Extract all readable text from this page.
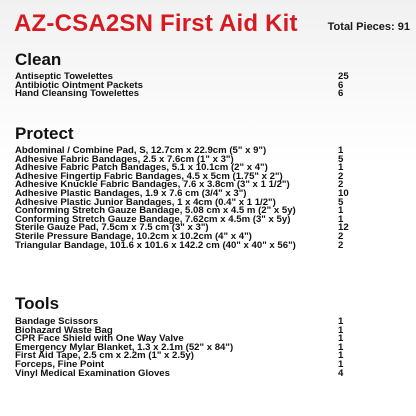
AZ-CSA2SN First Aid Kit	Total Pieces: 91
Clean
Antiseptic Towelettes	25
Antibiotic Ointment Packets	6
Hand Cleansing Towelettes	6
Protect
Abdominal / Combine Pad, S, 12.7cm x 22.9cm (5" x 9")	1
Adhesive Fabric Bandages, 2.5 x 7.6cm (1" x 3")	5
Adhesive Fabric Patch Bandages, 5.1 x 10.1cm (2" x 4")	1
Adhesive Fingertip Fabric Bandages, 4.5 x 5cm (1.75" x 2")	2
Adhesive Knuckle Fabric Bandages, 7.6 x 3.8cm (3" x 1 1/2")	2
Adhesive Plastic Bandages, 1.9 x 7.6 cm (3/4" x 3")	10
Adhesive Plastic Junior Bandages, 1 x 4cm (0.4" x 1 1/2")	5
Conforming Stretch Gauze Bandage, 5.08 cm x 4.5 m (2" x 5y)	1
Conforming Stretch Gauze Bandage, 7.62cm x 4.5m (3" x 5y)	1
Sterile Gauze Pad, 7.5cm x 7.5 cm (3" x 3")	12
Sterile Pressure Bandage, 10.2cm x 10.2cm (4" x 4")	2
Triangular Bandage, 101.6 x 101.6 x 142.2 cm (40" x 40" x 56")	2
Tools
Bandage Scissors	1
Biohazard Waste Bag	1
CPR Face Shield with One Way Valve	1
Emergency Mylar Blanket, 1.3 x 2.1m (52" x 84")	1
First Aid Tape, 2.5 cm x 2.2m (1" x 2.5y)	1
Forceps, Fine Point	1
Vinyl Medical Examination Gloves	4
